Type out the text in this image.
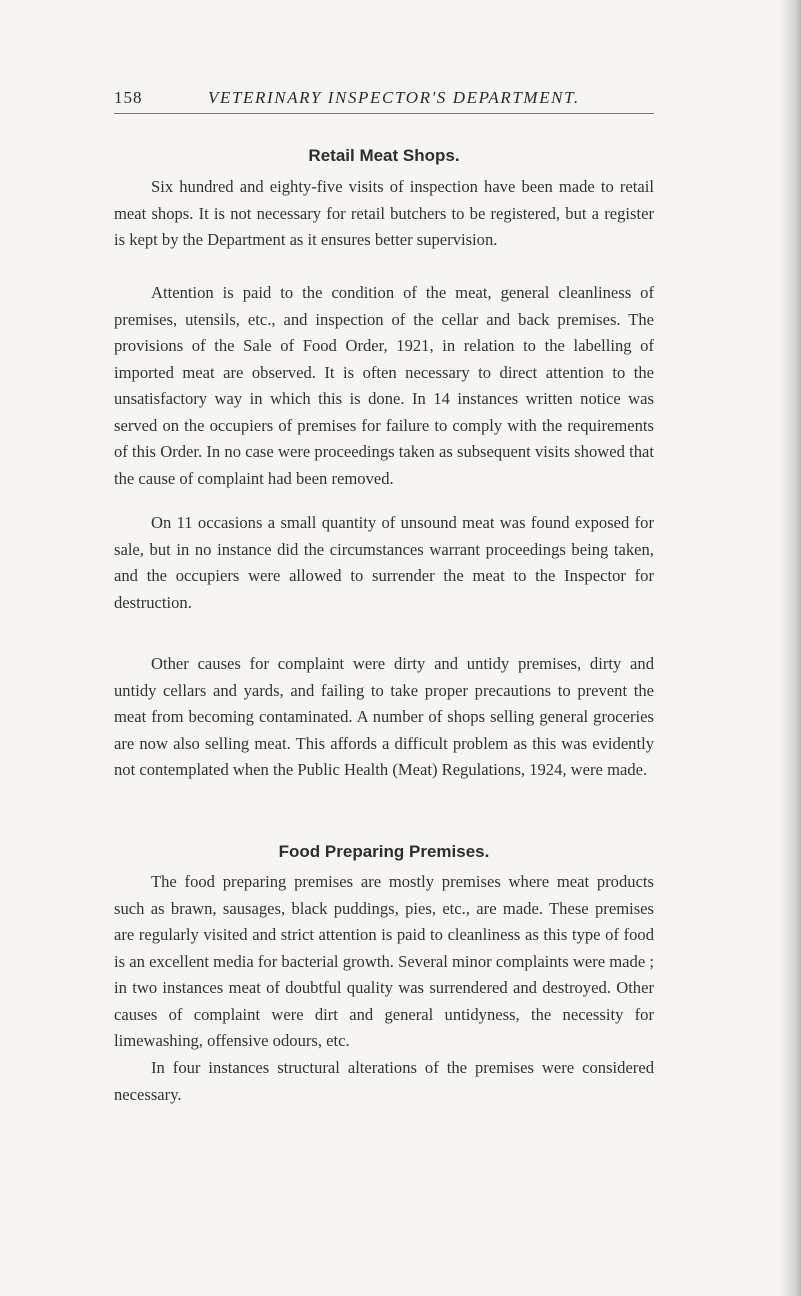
158	VETERINARY INSPECTOR'S DEPARTMENT.
Retail Meat Shops.

Six hundred and eighty-five visits of inspection have been made to retail meat shops. It is not necessary for retail butchers to be registered, but a register is kept by the Department as it ensures better supervision.

Attention is paid to the condition of the meat, general cleanliness of premises, utensils, etc., and inspection of the cellar and back premises. The provisions of the Sale of Food Order, 1921, in relation to the labelling of imported meat are observed. It is often necessary to direct attention to the unsatisfactory way in which this is done. In 14 instances written notice was served on the occupiers of premises for failure to comply with the requirements of this Order. In no case were proceedings taken as subsequent visits showed that the cause of complaint had been removed.

On 11 occasions a small quantity of unsound meat was found exposed for sale, but in no instance did the circumstances warrant proceedings being taken, and the occupiers were allowed to surrender the meat to the Inspector for destruction.

Other causes for complaint were dirty and untidy premises, dirty and untidy cellars and yards, and failing to take proper precautions to prevent the meat from becoming contaminated. A number of shops selling general groceries are now also selling meat. This affords a difficult problem as this was evidently not contemplated when the Public Health (Meat) Regulations, 1924, were made.

Food Preparing Premises.

The food preparing premises are mostly premises where meat products such as brawn, sausages, black puddings, pies, etc., are made. These premises are regularly visited and strict attention is paid to cleanliness as this type of food is an excellent media for bacterial growth. Several minor complaints were made ; in two instances meat of doubtful quality was surrendered and destroyed. Other causes of complaint were dirt and general untidyness, the necessity for limewashing, offensive odours, etc.

In four instances structural alterations of the premises were considered necessary.
